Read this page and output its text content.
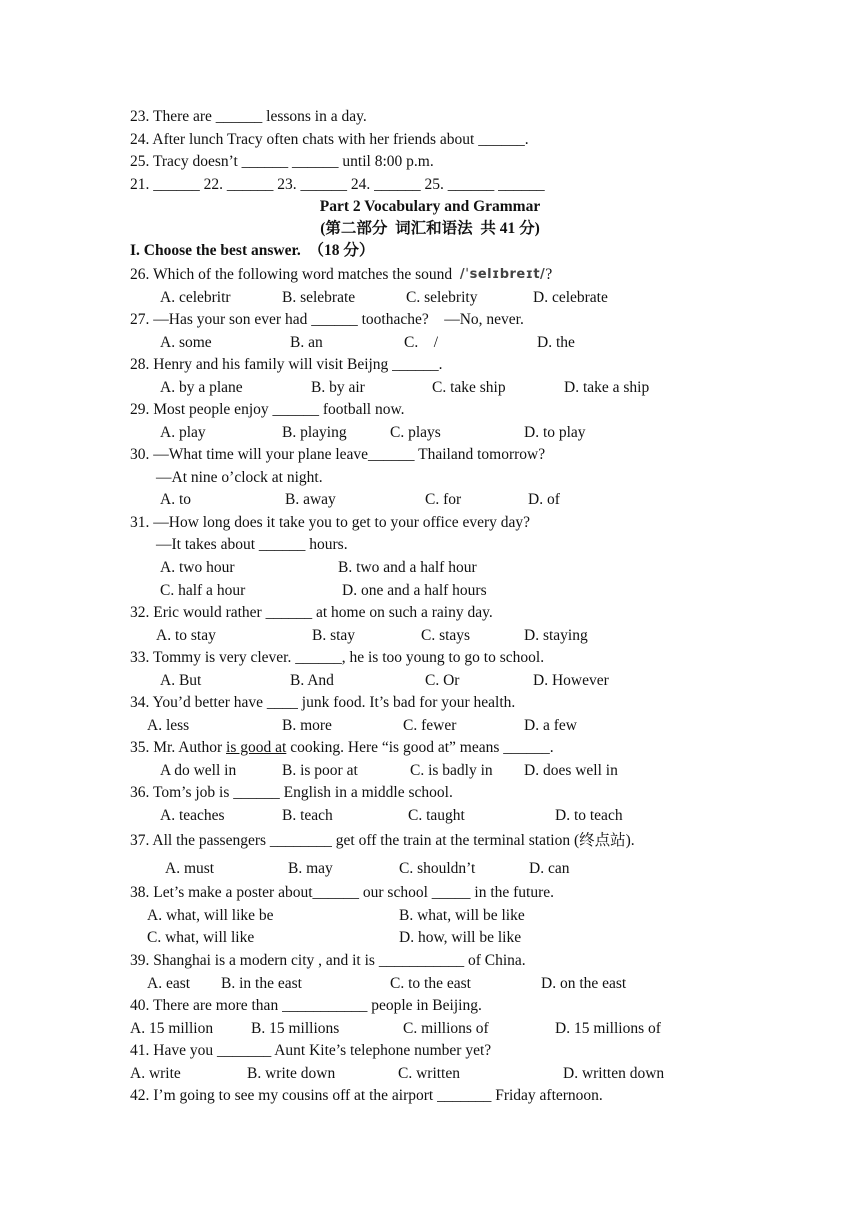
23. There are ______ lessons in a day.
24. After lunch Tracy often chats with her friends about ______.
25. Tracy doesn’t ______ ______ until 8:00 p.m.
21. ______ 22. ______ 23. ______ 24. ______ 25. ______ ______
Part 2 Vocabulary and Grammar
(第二部分  词汇和语法  共 41 分)
I. Choose the best answer.  （18 分）
26. Which of the following word matches the sound  /ˈselɪbreɪt/?
A. celebritr	B. selebrate	C. selebrity	D. celebrate
27. —Has your son ever had ______ toothache?    —No, never.
A. some	B. an	C.    /	D. the
28. Henry and his family will visit Beijng ______.
A. by a plane	B. by air	C. take ship	D. take a ship
29. Most people enjoy ______ football now.
A. play	B. playing	C. plays	D. to play
30. —What time will your plane leave______ Thailand tomorrow?
—At nine o’clock at night.
A. to	B. away	C. for	D. of
31. —How long does it take you to get to your office every day?
—It takes about ______ hours.
A. two hour	B. two and a half hour
C. half a hour	D. one and a half hours
32. Eric would rather ______ at home on such a rainy day.
A. to stay	B. stay	C. stays	D. staying
33. Tommy is very clever. ______, he is too young to go to school.
A. But	B. And	C. Or	D. However
34. You’d better have ____ junk food. It’s bad for your health.
A. less	B. more	C. fewer	D. a few
35. Mr. Author is good at cooking. Here “is good at” means ______.
A do well in	B. is poor at	C. is badly in D. does well in
36. Tom’s job is ______ English in a middle school.
A. teaches	B. teach	C. taught	D. to teach
37. All the passengers ________ get off the train at the terminal station (终点站).
A. must	B. may	C. shouldn’t	D. can
38. Let’s make a poster about______ our school _____ in the future.
A. what, will like be	B. what, will be like
C. what, will like	D. how, will be like
39. Shanghai is a modern city , and it is ___________ of China.
A. east B. in the east	C. to the east	D. on the east
40. There are more than ___________ people in Beijing.
A. 15 million B. 15 millions	C. millions of	D. 15 millions of
41. Have you _______ Aunt Kite’s telephone number yet?
A. write	B. write down	C. written	D. written down
42. I’m going to see my cousins off at the airport _______ Friday afternoon.
